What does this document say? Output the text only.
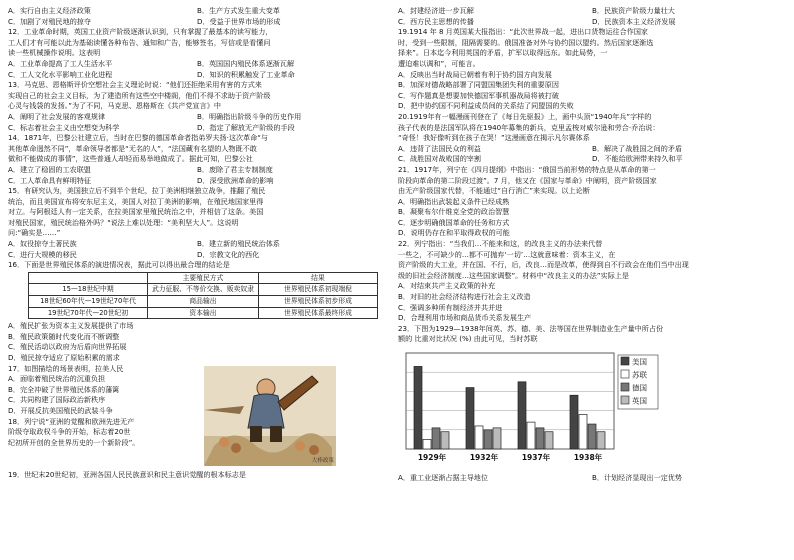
A．实行自由主义经济政策	B．生产方式发生重大变革
C．加剧了对殖民地的掠夺	D．受益于世界市场的形成
12．工业革命时期，英国工业资产阶级逐渐认识到，只有掌握了最基本的读写能力，
工人们才有可能以此为基础读懂各种布告、通知和广告，能够签名，写信或是看懂问
读一些机械操作说明。这表明
A．工业革命提高了工人生活水平	B．英国国内殖民体系逐渐瓦解
C．工人文化水平影响工业化进程	D．知识的积累触发了工业革命
13．马克思、恩格斯评价空想社会主义理论时说：“他们还拒绝采用有害的方式来
实现自己的社会主义目标，为了建造所有这些空中楼阁，他们不得不求助于资产阶级
心灵与钱袋的发扬。”为了不同，马克思、恩格斯在《共产党宣言》中
A．阐明了社会发展的客观规律	B．明确指出阶级斗争的历史作用
C．标志着社会主义由空想变为科学	D．指定了解放无产阶级的手段
14．1871年，巴黎公社建立后，当时在巴黎的德国革命者指弟罗夫扬·这次革命“与
其他革命迥然不同”，革命领导者都是“无名的人”，“法国藏有名望的人物既不敢
做和不能做成的事情”，这些普通人却轻而易举地做成了。据此可知，巴黎公社
A．建立了稳固的工农联盟	B．废除了君主专制制度
C．工人革命具有鲜明特征	D．深受欧洲革命的影响
15．有研究认为，美国独立后不到半个世纪，拉丁美洲相继独立战争，推翻了殖民
统治，而且美国宣布将安东尼主义，美国人对拉丁美洲的影响，在殖民地国家里得
对立。与阿根廷人有一定关系，在拉美国家里殖民统治之中，并相信了这条。美国
对殖民国家，殖民统治格外吗？"说法上难以处理：“美利坚大人”。这说明
问:“确实是……”
A．奴役掠夺土著民族	B．建立新的殖民统治体系
C．进行大规模的移民	D．宗教文化的西化
16．下面是世界殖民体系的演进情况表，据此可以得出最合理的结论是
	主要殖民方式	结果
15—18世纪中期	武力征服、不等价交换、贩卖奴隶	世界殖民体系初现端倪
18世纪60年代—19世纪70年代	商品输出	世界殖民体系初步形成
19世纪70年代—20世纪初	资本输出	世界殖民体系最终形成
A．殖民扩张为资本主义发展提供了市场
B．殖民政策随时代变化而不断调整
C．殖民活动以政府为后盾向世界拓展
D．殖民掠夺适应了原始积累的需求
17．如图描绘的场景表明，拉美人民
A．面临着殖民统治的沉重负担
B．完全冲破了世界殖民体系的藩篱
C．共同构建了国际政治新秩序
D．开展反抗美国殖民的武装斗争
18．列宁说“亚洲的觉醒和欧洲先进无产
阶级夺取政权斗争的开始，标志着20世
纪初所开创的全世界历史的一个新阶段”。
大棒政策
19．世纪末20世纪初，亚洲各国人民民族意识和民主意识觉醒的根本标志是
A．封建经济进一步瓦解	B．民族资产阶级力量壮大
C．西方民主思想的传播	D．民族资本主义经济发展
19.1914 年 8 月英国某大报指出：“此次世界战一起，进出口货物运往合作国家
时，受到一些限制，阻隔需要的。俄国准备对外与协约国以盟约。然后国家逐渐选
择来”。日本迄今利用英国的矛盾，扩军以取得远东。如此局势，一
遭迫难以调和”，可能言。
A．反映出当时战局已朝着有利于协约国方向发展
B．加深对德战略部署了同盟国集团失利的重要原因
C．写作题真是想要加快德国军事机器战局将被打破
D．把中协约国不同利益成员间的关系结了同盟国的失败
20.1919年有一幅漫画刊登在了《每日先驱报》上，画中头顶“1940年兵”字样的
孩子代表的是法国军队将在1940年募集的新兵，克里孟梭对威尔逊和劳合·乔治说：
“奇怪！我好像听到在孩子在哭！”这漫画意在揭示凡尔赛体系
A．违背了法国民众的利益	B．解决了战胜国之间的矛盾
C．战胜国对战败国的宰割	D．不能给欧洲带来持久和平
21．1917年，列宁在《四月提纲》中指出：“俄国当前形势的特点是从革命的第一
阶段向革命的第二阶段过渡”。7 月，他又在《国家与革命》中阐明，资产阶级国家
由无产阶级国家代替，不能通过“自行消亡”来实现。以上论断
A．明确指出武装起义条件已经成熟
B．凝聚布尔什维克全党的政治智慧
C．逐步明确俄国革命的任务和方式
D．说明仍存在和平取得政权的可能
22．列宁指出：“当我们…不能来和这，的改良主义的办法来代替
一些之，不可缺少的…都不可抛弃‘一切’…这就意味着：资本主义，在
资产阶级的大工业，并在国、不行，后，改良…而是改革，使得到自不行政会在他们当中出现
级的旧社会经济制度…这些国家调整”。材料中“改良主义的办法”实际上是
A．对结束共产主义政策的补充
B．对旧的社会经济结构进行社会主义改造
C．强调多种所有制经济并共并进
D．合理利用市场和商品货币关系发展生产
23．下图为1929—1938年间英、苏、德、美、法等国在世界制造业生产量中所占份
额的 比重对比状况 (%) 由此可见，当时苏联
1929年	1932年	1937年	1938年
美国
苏联
德国
英国
A．重工业逐渐占据主导地位	B．计划经济显现出一定优势
